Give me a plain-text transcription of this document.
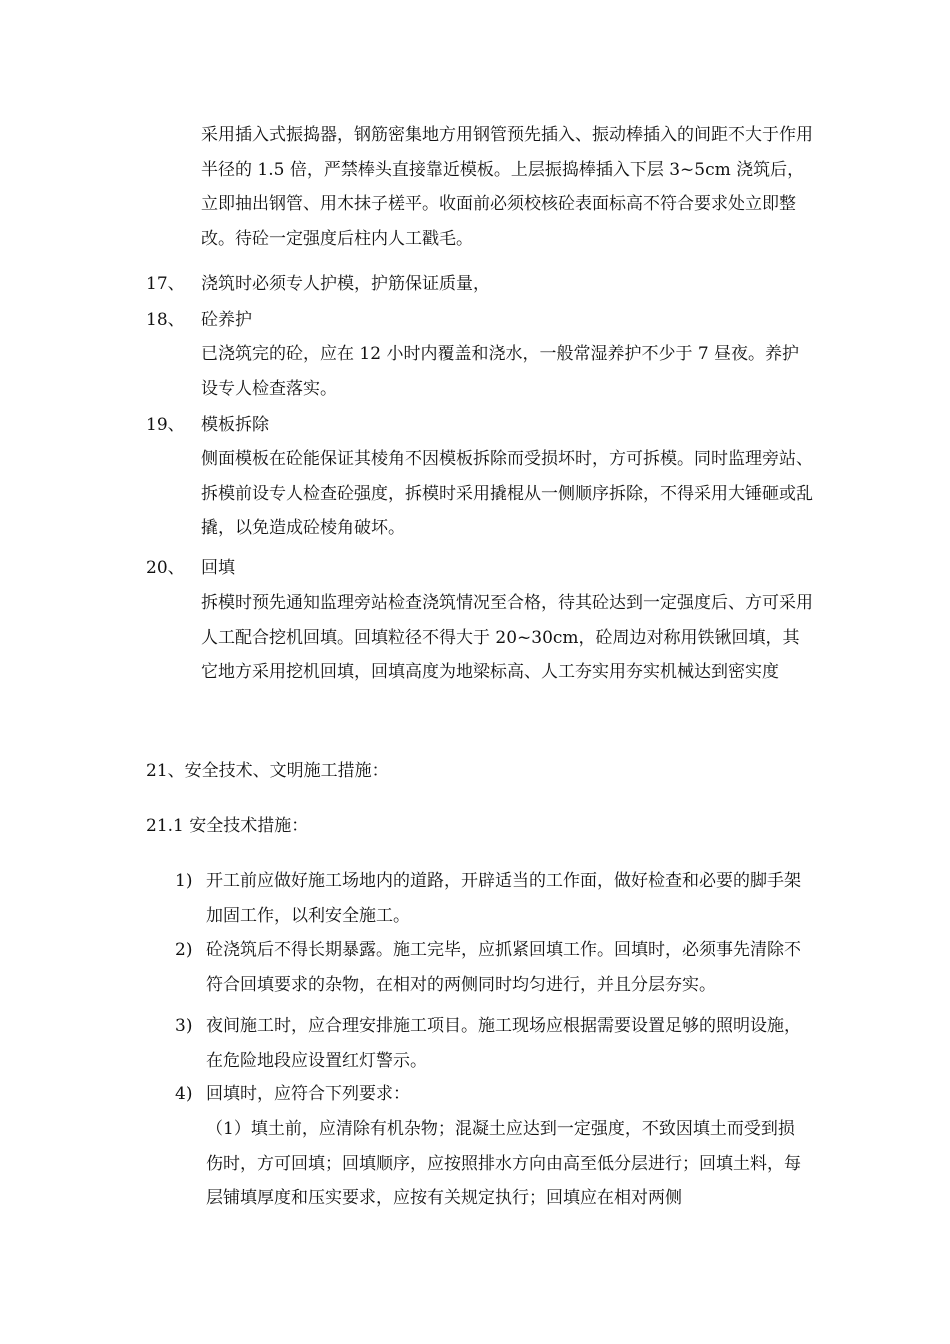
采用插入式振捣器，钢筋密集地方用钢管预先插入、振动棒插入的间距不大于作用半径的 1.5 倍，严禁棒头直接靠近模板。上层振捣棒插入下层 3~5cm 浇筑后，立即抽出钢管、用木抹子槎平。收面前必须校核砼表面标高不符合要求处立即整改。待砼一定强度后柱内人工戳毛。
17、 浇筑时必须专人护模，护筋保证质量，
18、 砼养护
已浇筑完的砼，应在 12 小时内覆盖和浇水，一般常湿养护不少于 7 昼夜。养护设专人检查落实。
19、 模板拆除
侧面模板在砼能保证其棱角不因模板拆除而受损坏时，方可拆模。同时监理旁站、拆模前设专人检查砼强度，拆模时采用撬棍从一侧顺序拆除，不得采用大锤砸或乱撬，以免造成砼棱角破坏。
20、 回填
拆模时预先通知监理旁站检查浇筑情况至合格，待其砼达到一定强度后、方可采用人工配合挖机回填。回填粒径不得大于 20~30cm，砼周边对称用铁锹回填，其它地方采用挖机回填，回填高度为地梁标高、人工夯实用夯实机械达到密实度
21、安全技术、文明施工措施：
21.1 安全技术措施：
1) 开工前应做好施工场地内的道路，开辟适当的工作面，做好检查和必要的脚手架加固工作，以利安全施工。
2) 砼浇筑后不得长期暴露。施工完毕，应抓紧回填工作。回填时，必须事先清除不符合回填要求的杂物，在相对的两侧同时均匀进行，并且分层夯实。
3) 夜间施工时，应合理安排施工项目。施工现场应根据需要设置足够的照明设施，在危险地段应设置红灯警示。
4) 回填时，应符合下列要求：
（1）填土前，应清除有机杂物；混凝土应达到一定强度，不致因填土而受到损伤时，方可回填；回填顺序，应按照排水方向由高至低分层进行；回填土料，每层铺填厚度和压实要求，应按有关规定执行；回填应在相对两侧
